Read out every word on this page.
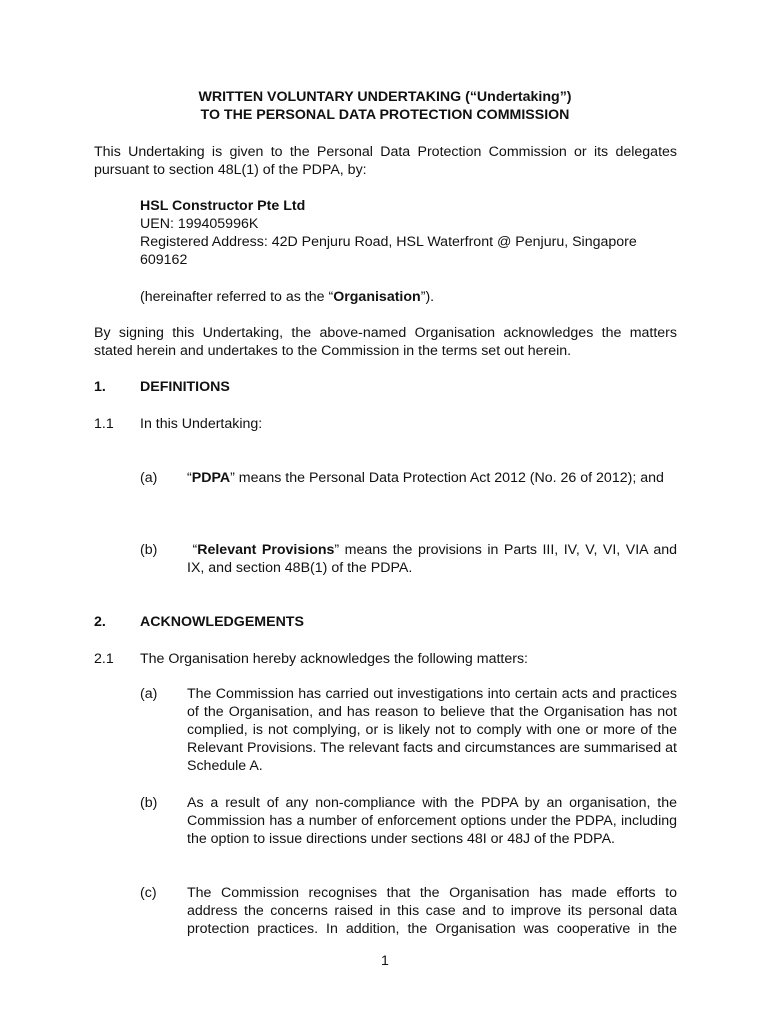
WRITTEN VOLUNTARY UNDERTAKING (“Undertaking”)
TO THE PERSONAL DATA PROTECTION COMMISSION

This Undertaking is given to the Personal Data Protection Commission or its delegates pursuant to section 48L(1) of the PDPA, by:

HSL Constructor Pte Ltd
UEN: 199405996K
Registered Address: 42D Penjuru Road, HSL Waterfront @ Penjuru, Singapore 609162

(hereinafter referred to as the “Organisation”).

By signing this Undertaking, the above-named Organisation acknowledges the matters stated herein and undertakes to the Commission in the terms set out herein.

1. DEFINITIONS
1.1 In this Undertaking:
(a) “PDPA” means the Personal Data Protection Act 2012 (No. 26 of 2012); and

(b) “Relevant Provisions” means the provisions in Parts III, IV, V, VI, VIA and IX, and section 48B(1) of the PDPA.

2. ACKNOWLEDGEMENTS
2.1 The Organisation hereby acknowledges the following matters:
(a) The Commission has carried out investigations into certain acts and practices of the Organisation, and has reason to believe that the Organisation has not complied, is not complying, or is likely not to comply with one or more of the Relevant Provisions. The relevant facts and circumstances are summarised at Schedule A.

(b) As a result of any non-compliance with the PDPA by an organisation, the Commission has a number of enforcement options under the PDPA, including the option to issue directions under sections 48I or 48J of the PDPA.

(c) The Commission recognises that the Organisation has made efforts to address the concerns raised in this case and to improve its personal data protection practices. In addition, the Organisation was cooperative in the

1
